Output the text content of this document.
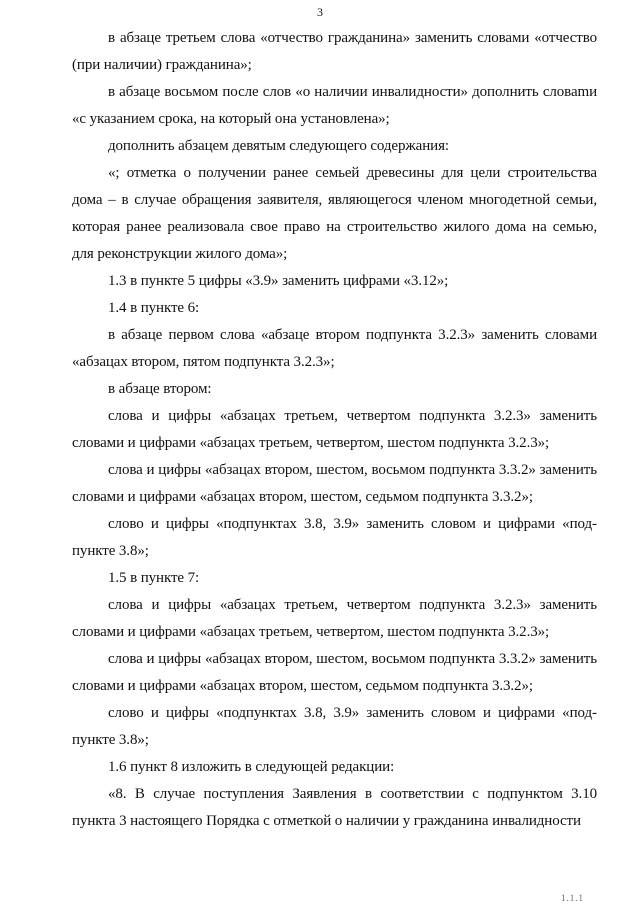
3

в абзаце третьем слова «отчество гражданина» заменить словами «отчество (при наличии) гражданина»;

в абзаце восьмом после слов «о наличии инвалидности» дополнить словаmи «с указанием срока, на который она установлена»;

дополнить абзацем девятым следующего содержания:

«; отметка о получении ранее семьей древесины для цели строительства дома – в случае обращения заявителя, являющегося членом многодетной семьи, которая ранее реализовала свое право на строительство жилого дома на семью, для реконструкции жилого дома»;

1.3 в пункте 5 цифры «3.9» заменить цифрами «3.12»;

1.4 в пункте 6:

в абзаце первом слова «абзаце втором подпункта 3.2.3» заменить словами «абзацах втором, пятом подпункта 3.2.3»;

в абзаце втором:

слова и цифры «абзацах третьем, четвертом подпункта 3.2.3» заменить словами и цифрами «абзацах третьем, четвертом, шестом подпункта 3.2.3»;

слова и цифры «абзацах втором, шестом, восьмом подпункта 3.3.2» заменить словами и цифрами «абзацах втором, шестом, седьмом подпункта 3.3.2»;

слово и цифры «подпунктах 3.8, 3.9» заменить словом и цифрами «подпункте 3.8»;

1.5 в пункте 7:

слова и цифры «абзацах третьем, четвертом подпункта 3.2.3» заменить словами и цифрами «абзацах третьем, четвертом, шестом подпункта 3.2.3»;

слова и цифры «абзацах втором, шестом, восьмом подпункта 3.3.2» заменить словами и цифрами «абзацах втором, шестом, седьмом подпункта 3.3.2»;

слово и цифры «подпунктах 3.8, 3.9» заменить словом и цифрами «подпункте 3.8»;

1.6 пункт 8 изложить в следующей редакции:

«8. В случае поступления Заявления в соответствии с подпунктом 3.10 пункта 3 настоящего Порядка с отметкой о наличии у гражданина инвалидности

1.1.1
